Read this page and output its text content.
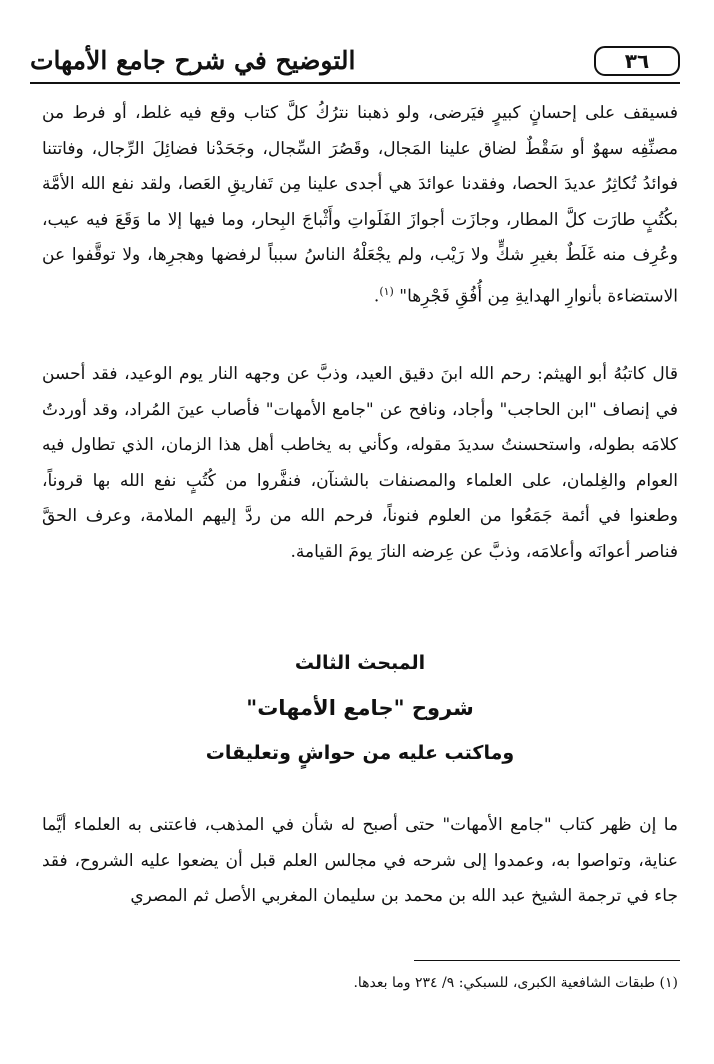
٣٦
التوضيح في شرح جامع الأمهات

فسيقف على إحسانٍ كبيرٍ فيَرضى، ولو ذهبنا نترُكُ كلَّ كتاب وقع فيه غلط، أو فرط من مصنِّفِه سهوٌ أو سَقْطٌ لضاق علينا المَجال، وقَصُرَ السِّجال، وجَحَدْنا فضائِلَ الرِّجال، وفاتتنا فوائدُ تُكاثِرُ عديدَ الحصا، وفقدنا عوائدَ هي أجدى علينا مِن تَفاريقِ العَصا، ولقد نفع الله الأمَّة بكُتُبٍ طارَت كلَّ المطار، وجازَت أجوازَ الفَلَواتِ وأَثْباجَ البِحار، وما فيها إلا ما وَقَعَ فيه عيب، وعُرِف منه غَلَطٌ بغيرِ شكٍّ ولا رَيْب، ولم يجْعَلْهُ الناسُ سبباً لرفضها وهجرِها، ولا توقَّفوا عن الاستضاءة بأنوارِ الهدايةِ مِن أُفُقِ فَجْرِها" $^{(١)}$.

قال كاتبُهُ أبو الهيثم: رحم الله ابنَ دقيق العيد، وذبَّ عن وجهه النار يوم الوعيد، فقد أحسن في إنصاف "ابن الحاجب" وأجاد، ونافح عن "جامع الأمهات" فأصاب عينَ المُراد، وقد أوردتُ كلامَه بطوله، واستحسنتُ سديدَ مقوله، وكأني به يخاطب أهل هذا الزمان، الذي تطاول فيه العوام والغِلمان، على العلماء والمصنفات بالشنآن، فنفَّروا من كُتُبٍ نفع الله بها قروناً، وطعنوا في أئمة جَمَعُوا من العلوم فنوناً، فرحم الله من ردَّ إليهم الملامة، وعرف الحقَّ فناصر أعوانَه وأعلامَه، وذبَّ عن عِرضه النارَ يومَ القيامة.

المبحث الثالث

شروح "جامع الأمهات"

وماكتب عليه من حواشٍ وتعليقات

ما إن ظهر كتاب "جامع الأمهات" حتى أصبح له شأن في المذهب، فاعتنى به العلماء أيَّما عناية، وتواصوا به، وعمدوا إلى شرحه في مجالس العلم قبل أن يضعوا عليه الشروح، فقد جاء في ترجمة الشيخ عبد الله بن محمد بن سليمان المغربي الأصل ثم المصري

(١) طبقات الشافعية الكبرى، للسبكي: ٩/ ٢٣٤ وما بعدها.
